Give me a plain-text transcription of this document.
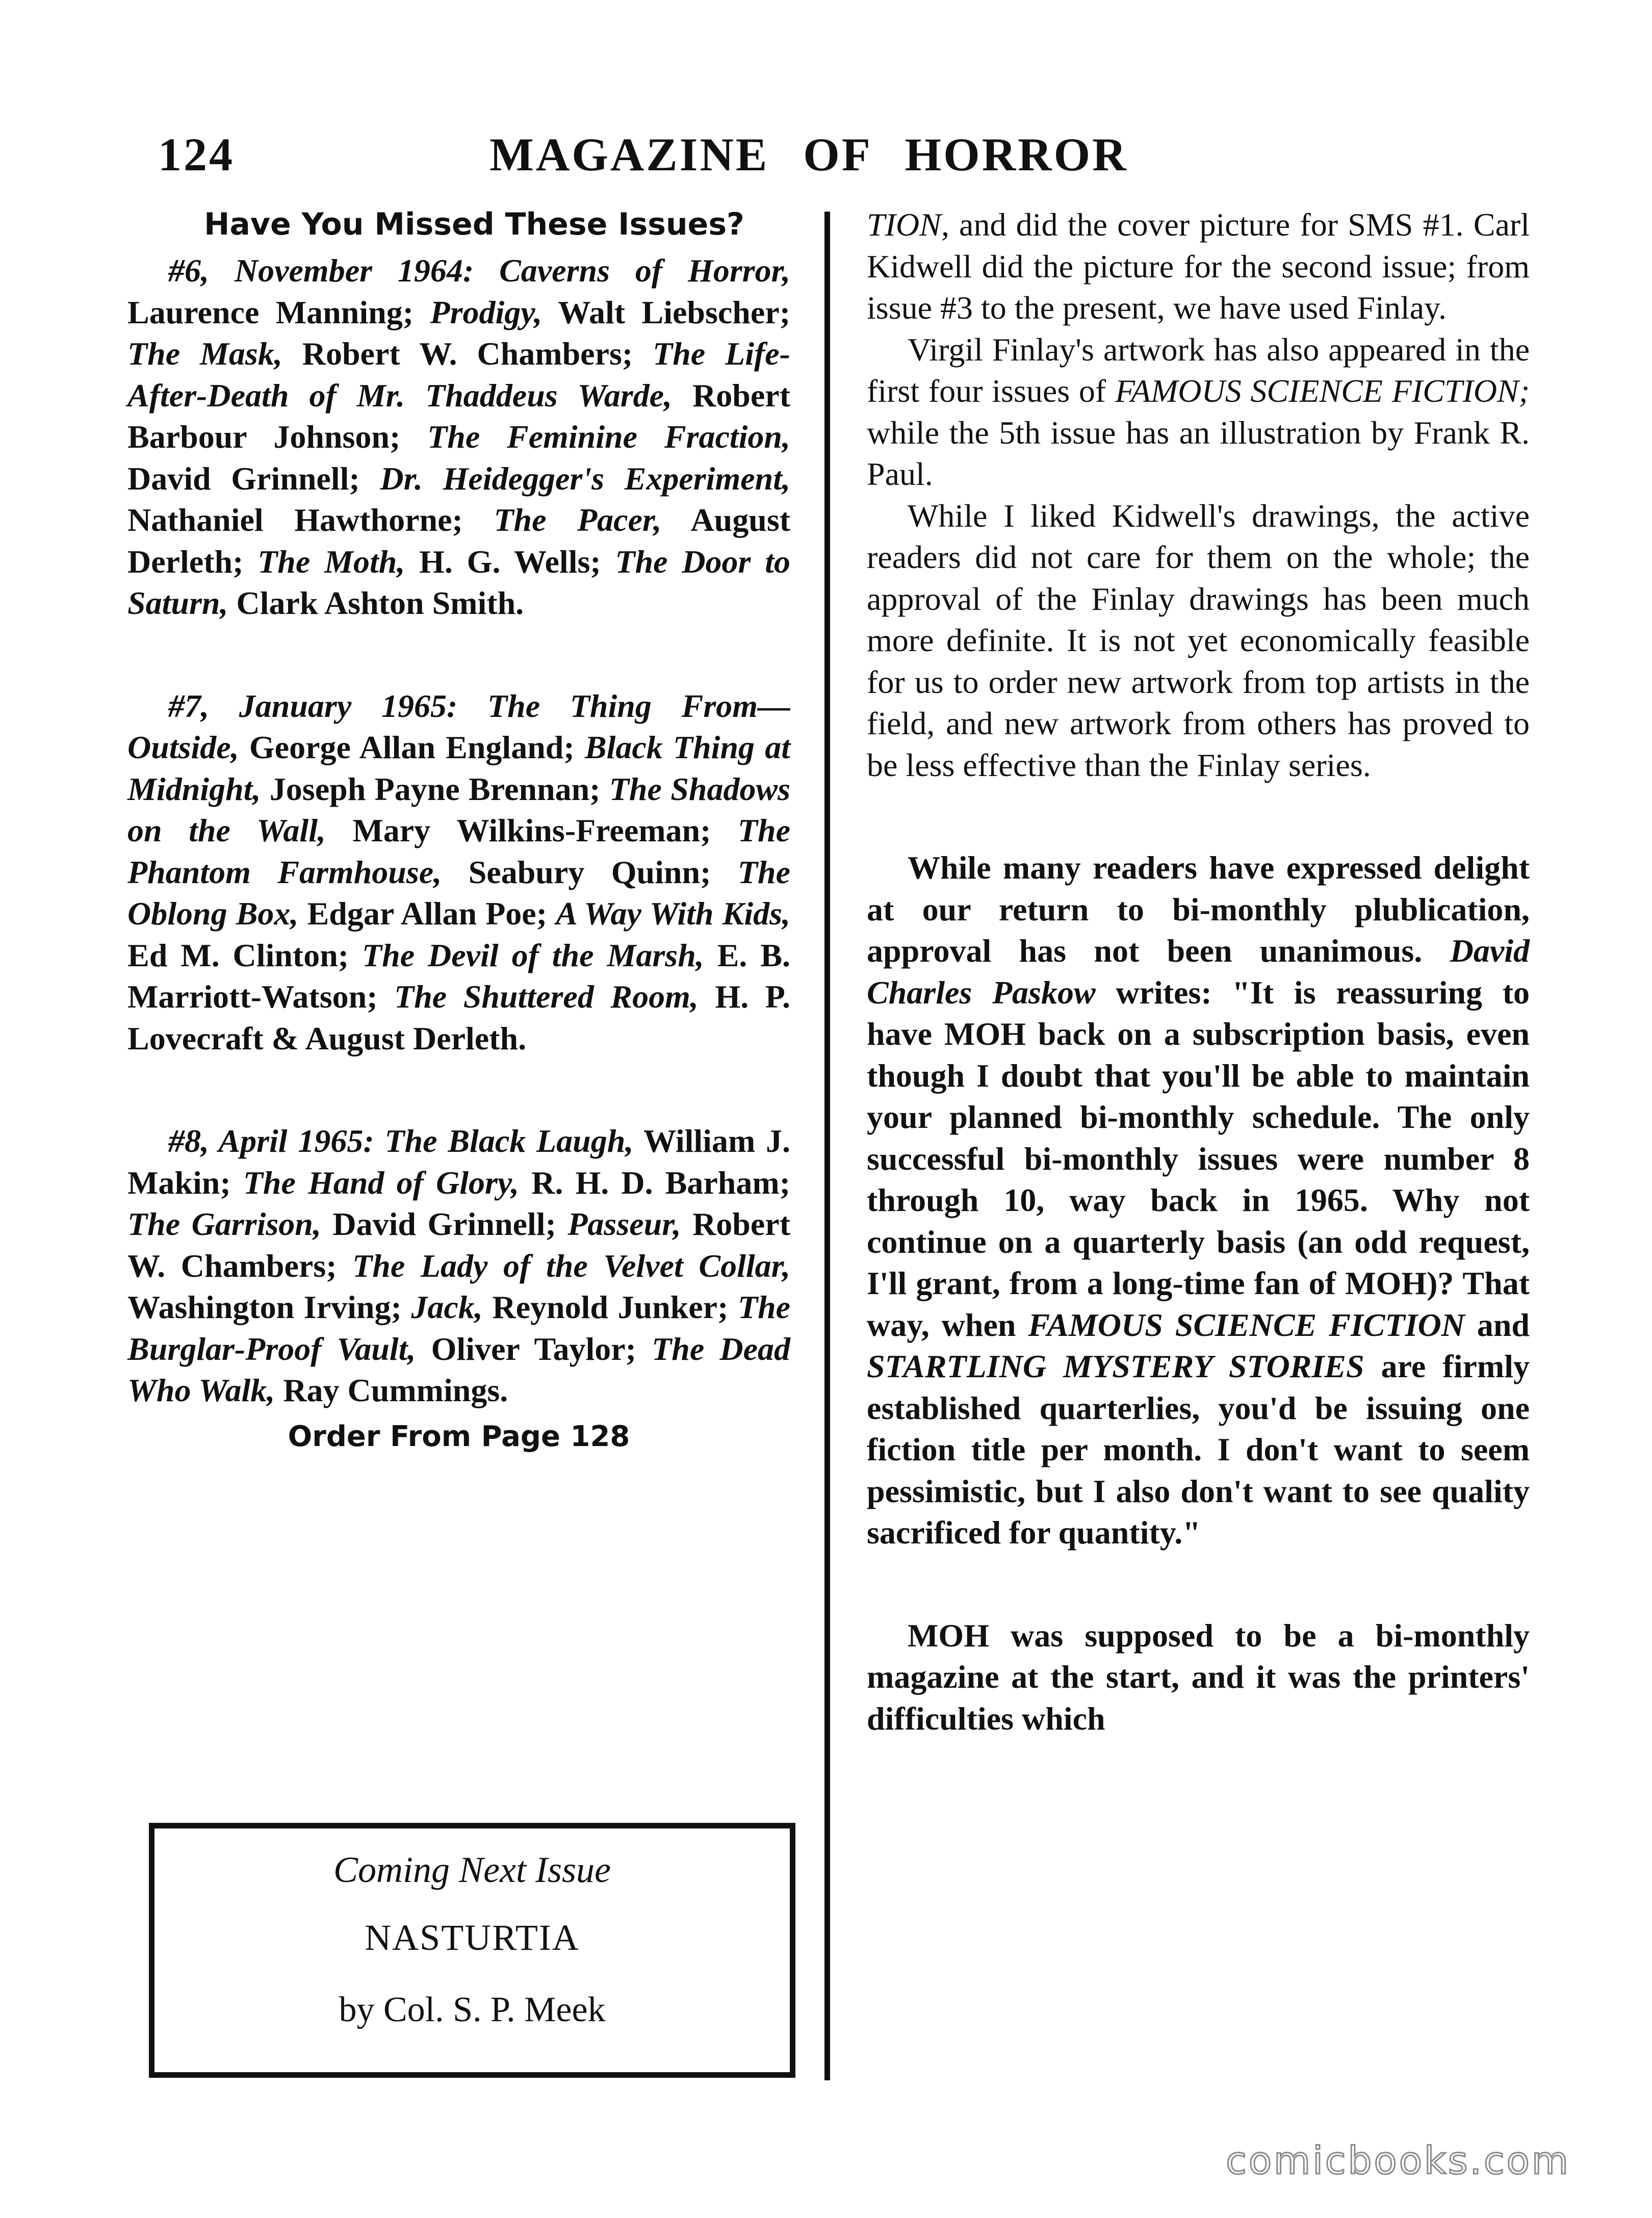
124	MAGAZINE OF HORROR
Have You Missed These Issues?

#6, November 1964: Caverns of Horror, Laurence Manning; Prodigy, Walt Liebscher; The Mask, Robert W. Chambers; The Life-After-Death of Mr. Thaddeus Warde, Robert Barbour Johnson; The Feminine Fraction, David Grinnell; Dr. Heidegger's Experiment, Nathaniel Hawthorne; The Pacer, August Derleth; The Moth, H. G. Wells; The Door to Saturn, Clark Ashton Smith.

#7, January 1965: The Thing From—Outside, George Allan England; Black Thing at Midnight, Joseph Payne Brennan; The Shadows on the Wall, Mary Wilkins-Freeman; The Phantom Farmhouse, Seabury Quinn; The Oblong Box, Edgar Allan Poe; A Way With Kids, Ed M. Clinton; The Devil of the Marsh, E. B. Marriott-Watson; The Shuttered Room, H. P. Lovecraft & August Derleth.

#8, April 1965: The Black Laugh, William J. Makin; The Hand of Glory, R. H. D. Barham; The Garrison, David Grinnell; Passeur, Robert W. Chambers; The Lady of the Velvet Collar, Washington Irving; Jack, Reynold Junker; The Burglar-Proof Vault, Oliver Taylor; The Dead Who Walk, Ray Cummings.

Order From Page 128
Coming Next Issue
NASTURTIA
by Col. S. P. Meek

TION, and did the cover picture for SMS #1. Carl Kidwell did the picture for the second issue; from issue #3 to the present, we have used Finlay.

Virgil Finlay's artwork has also appeared in the first four issues of FAMOUS SCIENCE FICTION; while the 5th issue has an illustration by Frank R. Paul.

While I liked Kidwell's drawings, the active readers did not care for them on the whole; the approval of the Finlay drawings has been much more definite. It is not yet economically feasible for us to order new artwork from top artists in the field, and new artwork from others has proved to be less effective than the Finlay series.

While many readers have expressed delight at our return to bi-monthly plublication, approval has not been unanimous. David Charles Paskow writes: "It is reassuring to have MOH back on a subscription basis, even though I doubt that you'll be able to maintain your planned bi-monthly schedule. The only successful bi-monthly issues were number 8 through 10, way back in 1965. Why not continue on a quarterly basis (an odd request, I'll grant, from a long-time fan of MOH)? That way, when FAMOUS SCIENCE FICTION and STARTLING MYSTERY STORIES are firmly established quarterlies, you'd be issuing one fiction title per month. I don't want to seem pessimistic, but I also don't want to see quality sacrificed for quantity."

MOH was supposed to be a bi-monthly magazine at the start, and it was the printers' difficulties which

comicbooks.com
